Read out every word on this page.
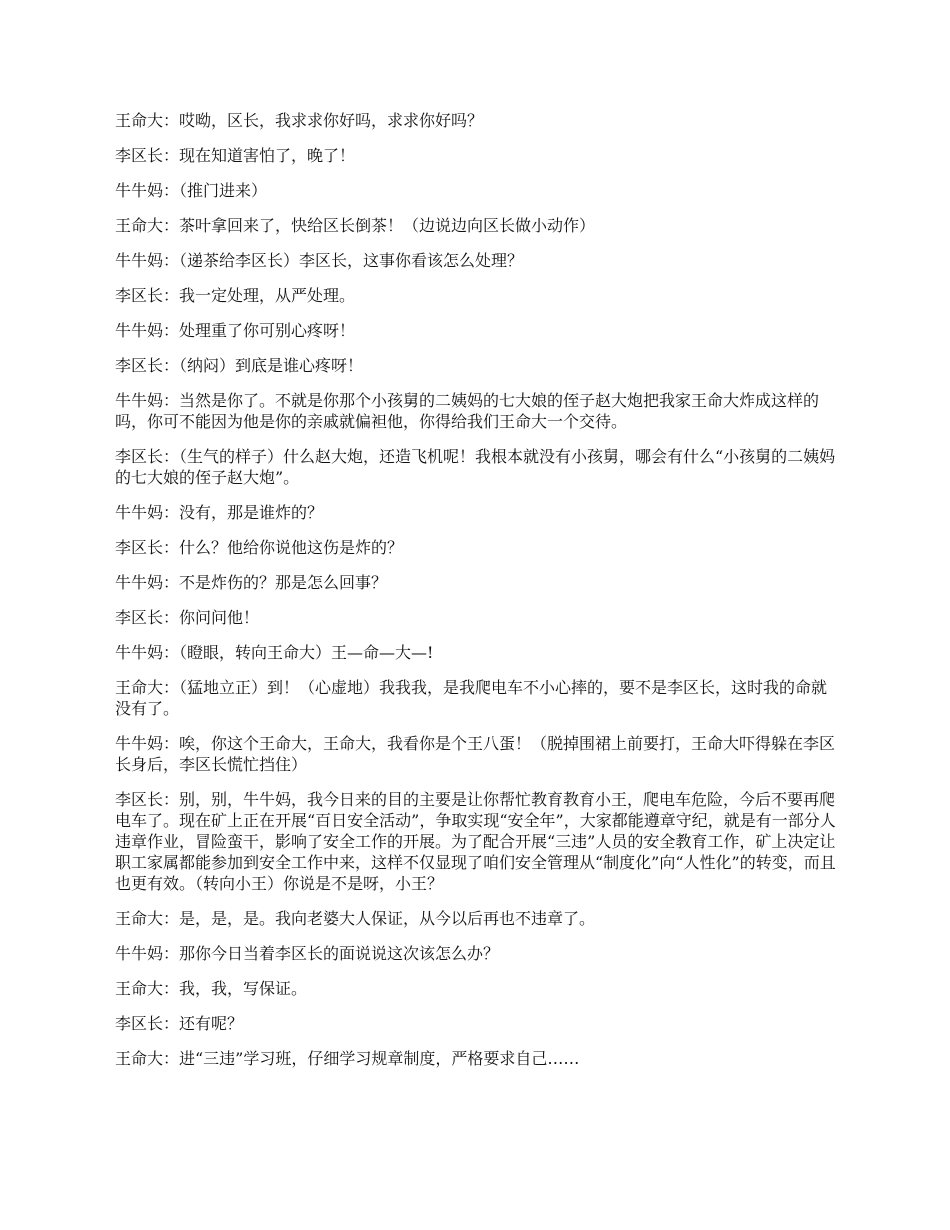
王命大：哎呦，区长，我求求你好吗，求求你好吗？

李区长：现在知道害怕了，晚了！

牛牛妈：（推门进来）

王命大：茶叶拿回来了，快给区长倒茶！（边说边向区长做小动作）

牛牛妈：（递茶给李区长）李区长，这事你看该怎么处理？

李区长：我一定处理，从严处理。

牛牛妈：处理重了你可别心疼呀！

李区长：（纳闷）到底是谁心疼呀！

牛牛妈：当然是你了。不就是你那个小孩舅的二姨妈的七大娘的侄子赵大炮把我家王命大炸成这样的吗，你可不能因为他是你的亲戚就偏袒他，你得给我们王命大一个交待。

李区长：（生气的样子）什么赵大炮，还造飞机呢！我根本就没有小孩舅，哪会有什么“小孩舅的二姨妈的七大娘的侄子赵大炮”。

牛牛妈：没有，那是谁炸的？

李区长：什么？他给你说他这伤是炸的？

牛牛妈：不是炸伤的？那是怎么回事？

李区长：你问问他！

牛牛妈：（瞪眼，转向王命大）王—命—大—!

王命大：（猛地立正）到！（心虚地）我我我，是我爬电车不小心摔的，要不是李区长，这时我的命就没有了。

牛牛妈：唉，你这个王命大，王命大，我看你是个王八蛋！（脱掉围裙上前要打，王命大吓得躲在李区长身后，李区长慌忙挡住）

李区长：别，别，牛牛妈，我今日来的目的主要是让你帮忙教育教育小王，爬电车危险，今后不要再爬电车了。现在矿上正在开展“百日安全活动”，争取实现“安全年”，大家都能遵章守纪，就是有一部分人违章作业，冒险蛮干，影响了安全工作的开展。为了配合开展“三违”人员的安全教育工作，矿上决定让职工家属都能参加到安全工作中来，这样不仅显现了咱们安全管理从“制度化”向“人性化”的转变，而且也更有效。（转向小王）你说是不是呀，小王？

王命大：是，是，是。我向老婆大人保证，从今以后再也不违章了。

牛牛妈：那你今日当着李区长的面说说这次该怎么办？

王命大：我，我，写保证。

李区长：还有呢？

王命大：进“三违”学习班，仔细学习规章制度，严格要求自己……
